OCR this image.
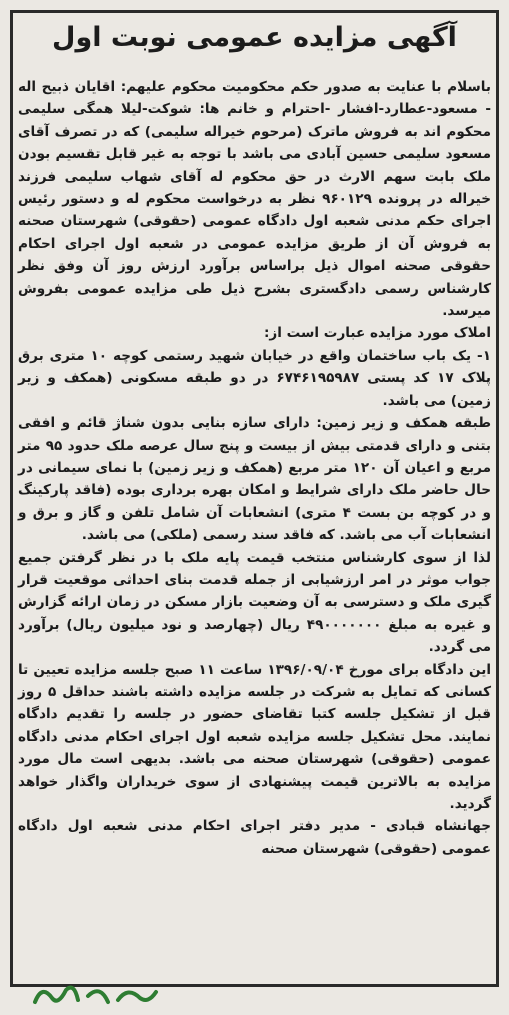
آگهی مزایده عمومی نوبت اول

باسلام با عنایت به صدور حکم محکومیت محکوم علیهم: اقایان ذبیح اله - مسعود-عطارد-افشار -احترام و خانم ها: شوکت-لیلا همگی سلیمی محکوم اند به فروش ماترک (مرحوم خیراله سلیمی) که در تصرف آقای مسعود سلیمی حسین آبادی می باشد با توجه به غیر قابل تقسیم بودن ملک بابت سهم الارث در حق محکوم له آقای شهاب سلیمی فرزند خیراله در پرونده ۹۶۰۱۲۹ نظر به درخواست محکوم له و دستور رئیس اجرای حکم مدنی شعبه اول دادگاه عمومی (حقوقی) شهرستان صحنه به فروش آن از طریق مزایده عمومی در شعبه اول اجرای احکام حقوقی صحنه اموال ذیل براساس برآورد ارزش روز آن وفق نظر کارشناس رسمی دادگستری بشرح ذیل طی مزایده عمومی بفروش میرسد.

املاک مورد مزایده عبارت است از:

۱- یک باب ساختمان واقع در خیابان شهید رستمی کوچه ۱۰ متری برق پلاک ۱۷ کد پستی ۶۷۴۶۱۹۵۹۸۷ در دو طبقه مسکونی (همکف و زیر زمین) می باشد.

طبقه همکف و زیر زمین: دارای سازه بنایی بدون شناژ قائم و افقی بتنی و دارای قدمتی بیش از بیست و پنج سال عرصه ملک حدود ۹۵ متر مربع و اعیان آن ۱۲۰ متر مربع (همکف و زیر زمین) با نمای سیمانی در حال حاضر ملک دارای شرایط و امکان بهره برداری بوده (فاقد پارکینگ و در کوچه بن بست ۴ متری) انشعابات آن شامل تلفن و گاز و برق و انشعابات آب می باشد. که فاقد سند رسمی (ملکی) می باشد.

لذا از سوی کارشناس منتخب قیمت پایه ملک با در نظر گرفتن جمیع جواب موثر در امر ارزشیابی از جمله قدمت بنای احداثی موقعیت قرار گیری ملک و دسترسی به آن وضعیت بازار مسکن در زمان ارائه گزارش و غیره به مبلغ ۴۹۰۰۰۰۰۰۰ ریال (چهارصد و نود میلیون ریال) برآورد می گردد.

این دادگاه برای مورخ ۱۳۹۶/۰۹/۰۴ ساعت ۱۱ صبح جلسه مزایده تعیین تا کسانی که تمایل به شرکت در جلسه مزایده داشته باشند حداقل ۵ روز قبل از تشکیل جلسه کتبا تقاضای حضور در جلسه را تقدیم دادگاه نمایند. محل تشکیل جلسه مزایده شعبه اول اجرای احکام مدنی دادگاه عمومی (حقوقی) شهرستان صحنه می باشد. بدیهی است مال مورد مزایده به بالاترین قیمت پیشنهادی از سوی خریداران واگذار خواهد گردید.

جهانشاه قبادی - مدیر دفتر اجرای احکام مدنی شعبه اول دادگاه عمومی (حقوقی) شهرستان صحنه
